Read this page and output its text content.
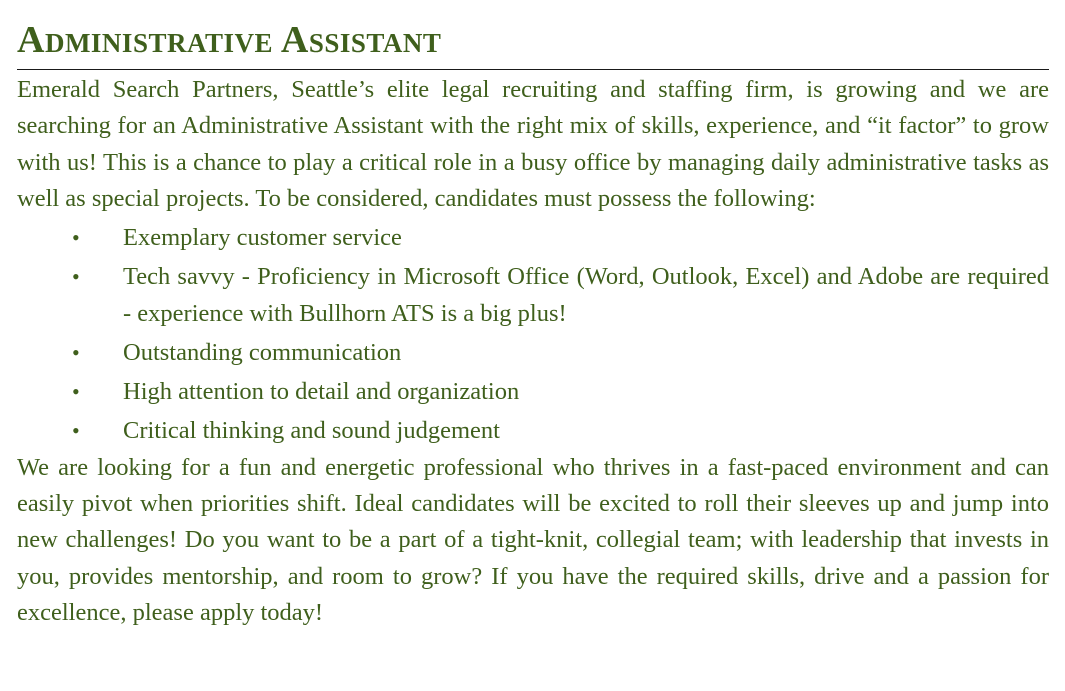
Administrative Assistant

Emerald Search Partners, Seattle’s elite legal recruiting and staffing firm, is growing and we are searching for an Administrative Assistant with the right mix of skills, experience, and “it factor” to grow with us! This is a chance to play a critical role in a busy office by managing daily administrative tasks as well as special projects. To be considered, candidates must possess the following:

• Exemplary customer service
• Tech savvy - Proficiency in Microsoft Office (Word, Outlook, Excel) and Adobe are required - experience with Bullhorn ATS is a big plus!
• Outstanding communication
• High attention to detail and organization
• Critical thinking and sound judgement

We are looking for a fun and energetic professional who thrives in a fast-paced environment and can easily pivot when priorities shift. Ideal candidates will be excited to roll their sleeves up and jump into new challenges! Do you want to be a part of a tight-knit, collegial team; with leadership that invests in you, provides mentorship, and room to grow? If you have the required skills, drive and a passion for excellence, please apply today!
